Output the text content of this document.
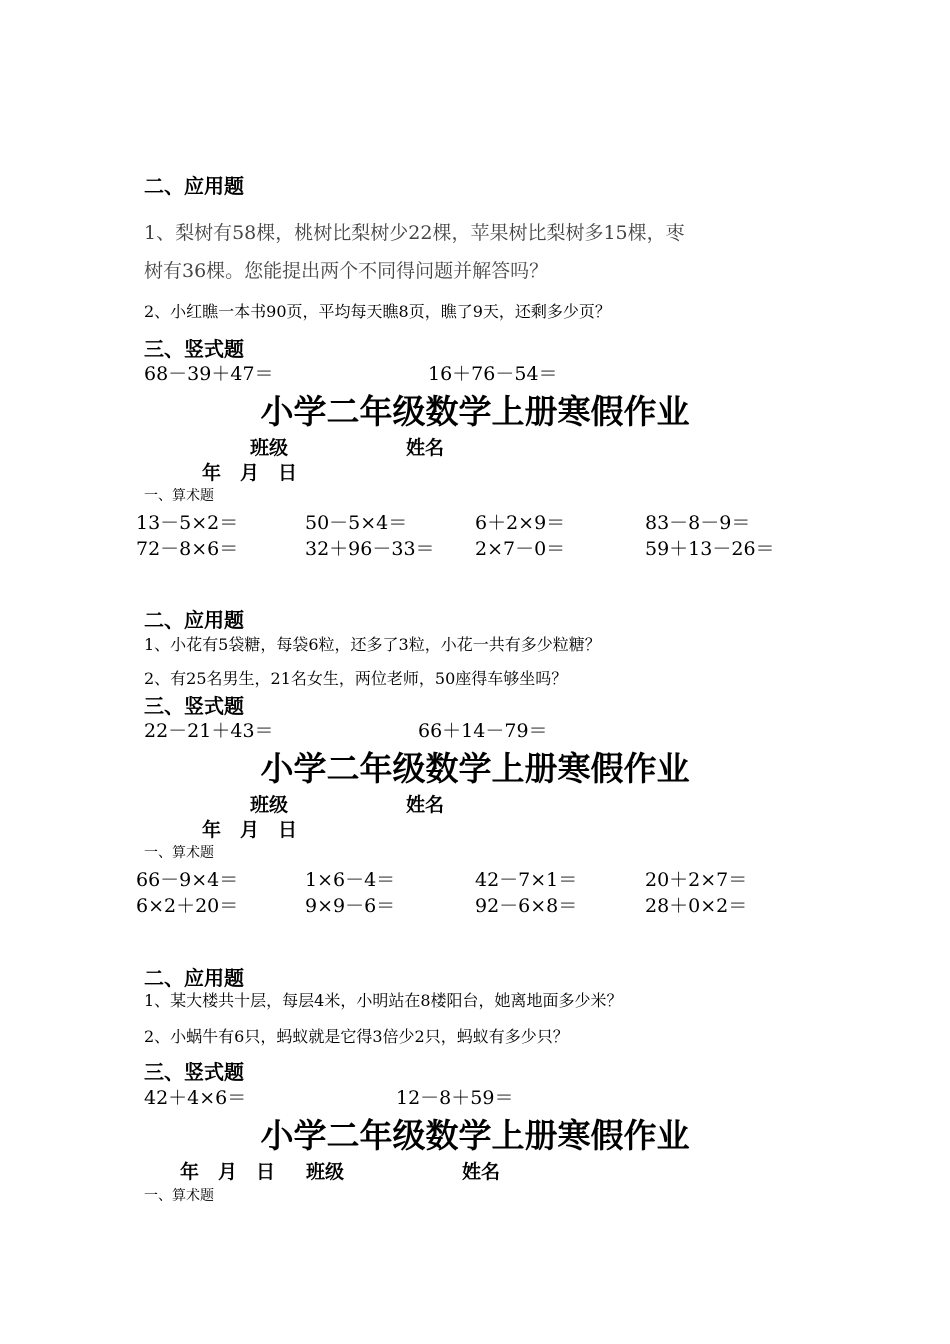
二、应用题
1、梨树有58棵，桃树比梨树少22棵，苹果树比梨树多15棵，枣
树有36棵。您能提出两个不同得问题并解答吗？
2、小红瞧一本书90页，平均每天瞧8页，瞧了9天，还剩多少页？
三、竖式题
68－39＋47＝	16＋76－54＝
小学二年级数学上册寒假作业
班级	姓名
年　月　日
一、算术题
13－5×2＝	50－5×4＝	6＋2×9＝	83－8－9＝
72－8×6＝	32＋96－33＝ 2×7－0＝	59＋13－26＝
二、应用题
1、小花有5袋糖，每袋6粒，还多了3粒，小花一共有多少粒糖？
2、有25名男生，21名女生，两位老师，50座得车够坐吗？
三、竖式题
22－21＋43＝	66＋14－79＝
小学二年级数学上册寒假作业
班级	姓名
年　月　日
一、算术题
66－9×4＝	1×6－4＝	42－7×1＝	20＋2×7＝
6×2＋20＝	9×9－6＝	92－6×8＝	28＋0×2＝
二、应用题
1、某大楼共十层，每层4米，小明站在8楼阳台，她离地面多少米？
2、小蜗牛有6只，蚂蚁就是它得3倍少2只，蚂蚁有多少只？
三、竖式题
42＋4×6＝	12－8＋59＝
小学二年级数学上册寒假作业
年　月　日 班级	姓名
一、算术题
